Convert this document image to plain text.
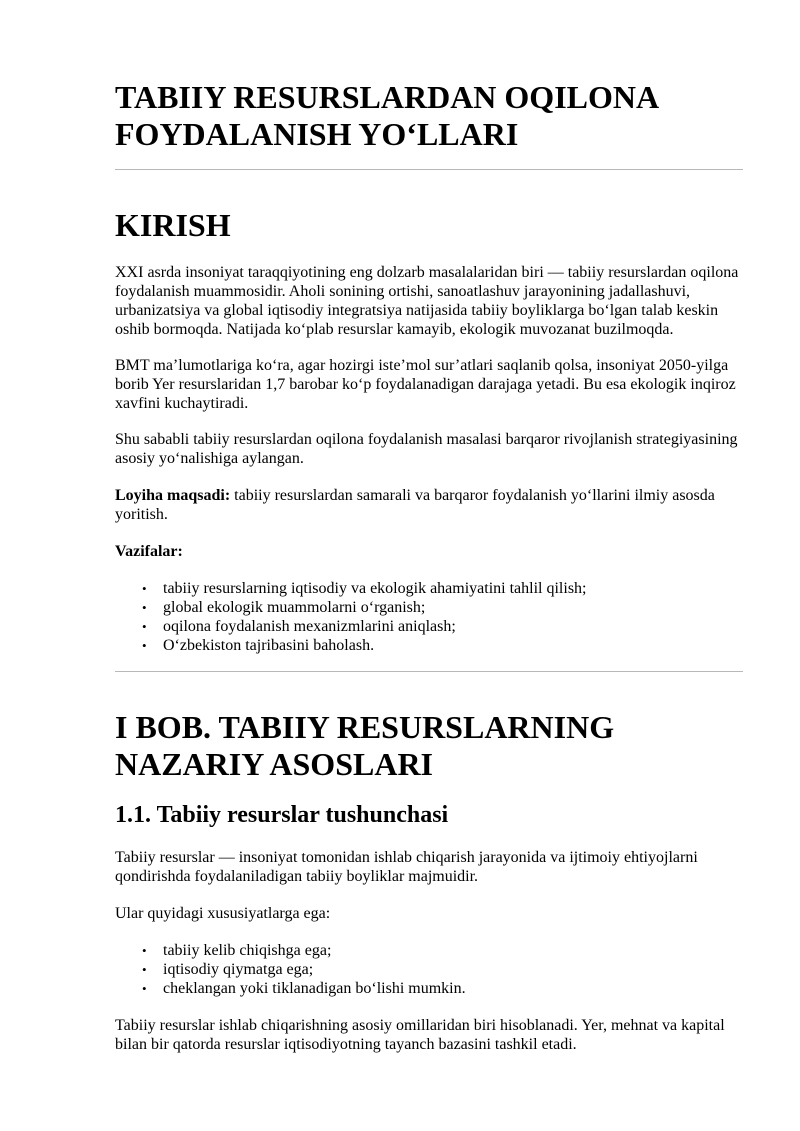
TABIIY RESURSLARDAN OQILONA
FOYDALANISH YO‘LLARI
KIRISH

XXI asrda insoniyat taraqqiyotining eng dolzarb masalalaridan biri — tabiiy resurslardan oqilona
foydalanish muammosidir. Aholi sonining ortishi, sanoatlashuv jarayonining jadallashuvi,
urbanizatsiya va global iqtisodiy integratsiya natijasida tabiiy boyliklarga bo‘lgan talab keskin
oshib bormoqda. Natijada ko‘plab resurslar kamayib, ekologik muvozanat buzilmoqda.

BMT ma’lumotlariga ko‘ra, agar hozirgi iste’mol sur’atlari saqlanib qolsa, insoniyat 2050-yilga
borib Yer resurslaridan 1,7 barobar ko‘p foydalanadigan darajaga yetadi. Bu esa ekologik inqiroz
xavfini kuchaytiradi.

Shu sababli tabiiy resurslardan oqilona foydalanish masalasi barqaror rivojlanish strategiyasining
asosiy yo‘nalishiga aylangan.

Loyiha maqsadi: tabiiy resurslardan samarali va barqaror foydalanish yo‘llarini ilmiy asosda
yoritish.

Vazifalar:

• tabiiy resurslarning iqtisodiy va ekologik ahamiyatini tahlil qilish;
• global ekologik muammolarni o‘rganish;
• oqilona foydalanish mexanizmlarini aniqlash;
• O‘zbekiston tajribasini baholash.
I BOB. TABIIY RESURSLARNING
NAZARIY ASOSLARI
1.1. Tabiiy resurslar tushunchasi

Tabiiy resurslar — insoniyat tomonidan ishlab chiqarish jarayonida va ijtimoiy ehtiyojlarni
qondirishda foydalaniladigan tabiiy boyliklar majmuidir.

Ular quyidagi xususiyatlarga ega:

• tabiiy kelib chiqishga ega;
• iqtisodiy qiymatga ega;
• cheklangan yoki tiklanadigan bo‘lishi mumkin.

Tabiiy resurslar ishlab chiqarishning asosiy omillaridan biri hisoblanadi. Yer, mehnat va kapital
bilan bir qatorda resurslar iqtisodiyotning tayanch bazasini tashkil etadi.
